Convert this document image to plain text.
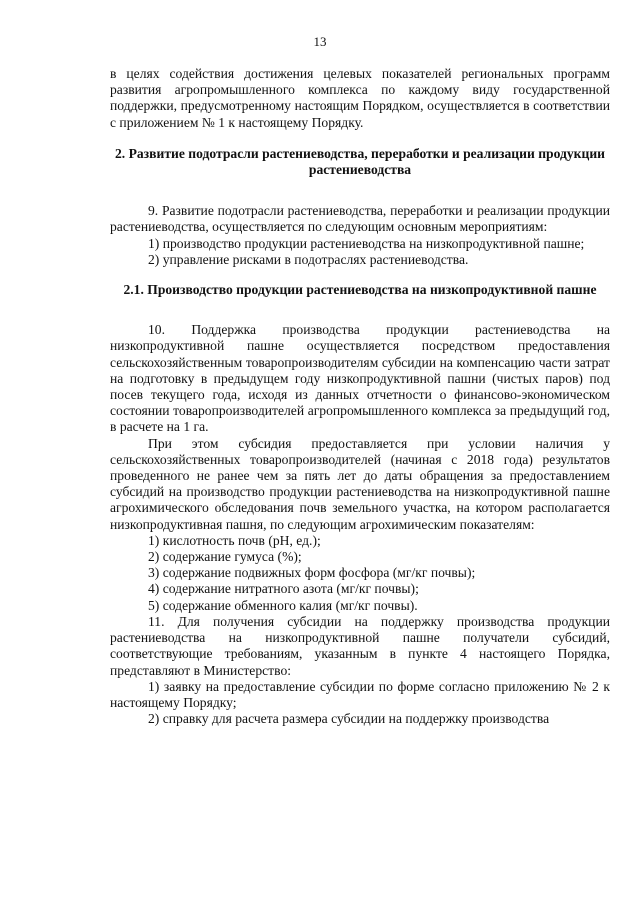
13

в целях содействия достижения целевых показателей региональных программ развития агропромышленного комплекса по каждому виду государственной поддержки, предусмотренному настоящим Порядком, осуществляется в соответствии с приложением № 1 к настоящему Порядку.

2. Развитие подотрасли растениеводства, переработки и реализации продукции растениеводства

9. Развитие подотрасли растениеводства, переработки и реализации продукции растениеводства, осуществляется по следующим основным мероприятиям:

1) производство продукции растениеводства на низкопродуктивной пашне;

2) управление рисками в подотраслях растениеводства.

2.1. Производство продукции растениеводства на низкопродуктивной пашне

10. Поддержка производства продукции растениеводства на низкопродуктивной пашне осуществляется посредством предоставления сельскохозяйственным товаропроизводителям субсидии на компенсацию части затрат на подготовку в предыдущем году низкопродуктивной пашни (чистых паров) под посев текущего года, исходя из данных отчетности о финансово-экономическом состоянии товаропроизводителей агропромышленного комплекса за предыдущий год, в расчете на 1 га.

При этом субсидия предоставляется при условии наличия у сельскохозяйственных товаропроизводителей (начиная с 2018 года) результатов проведенного не ранее чем за пять лет до даты обращения за предоставлением субсидий на производство продукции растениеводства на низкопродуктивной пашне агрохимического обследования почв земельного участка, на котором располагается низкопродуктивная пашня, по следующим агрохимическим показателям:

1) кислотность почв (pH, ед.);

2) содержание гумуса (%);

3) содержание подвижных форм фосфора (мг/кг почвы);

4) содержание нитратного азота (мг/кг почвы);

5) содержание обменного калия (мг/кг почвы).

11. Для получения субсидии на поддержку производства продукции растениеводства на низкопродуктивной пашне получатели субсидий, соответствующие требованиям, указанным в пункте 4 настоящего Порядка, представляют в Министерство:

1) заявку на предоставление субсидии по форме согласно приложению № 2 к настоящему Порядку;

2) справку для расчета размера субсидии на поддержку производства
